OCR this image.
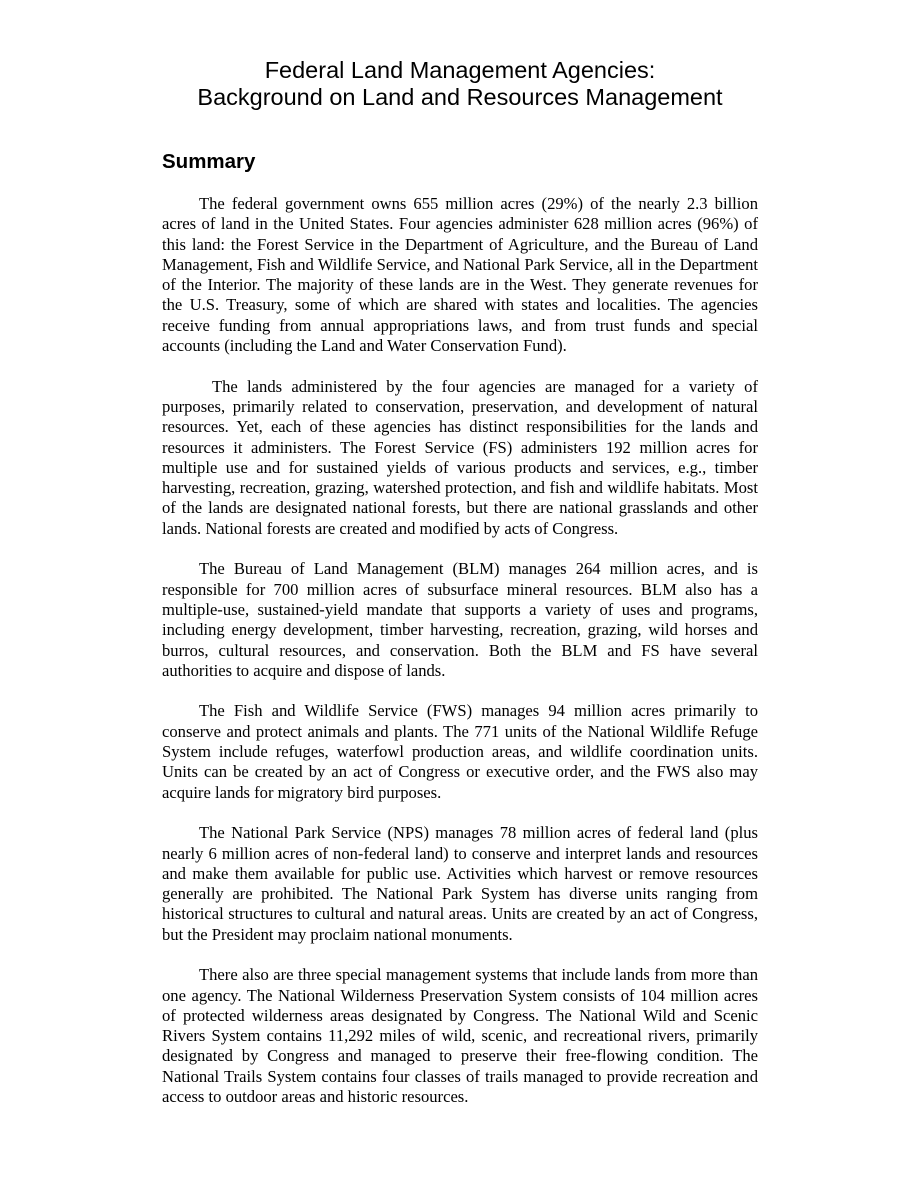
Federal Land Management Agencies:
Background on Land and Resources Management
Summary

The federal government owns 655 million acres (29%) of the nearly 2.3 billion acres of land in the United States. Four agencies administer 628 million acres (96%) of this land: the Forest Service in the Department of Agriculture, and the Bureau of Land Management, Fish and Wildlife Service, and National Park Service, all in the Department of the Interior. The majority of these lands are in the West. They generate revenues for the U.S. Treasury, some of which are shared with states and localities. The agencies receive funding from annual appropriations laws, and from trust funds and special accounts (including the Land and Water Conservation Fund).

The lands administered by the four agencies are managed for a variety of purposes, primarily related to conservation, preservation, and development of natural resources. Yet, each of these agencies has distinct responsibilities for the lands and resources it administers. The Forest Service (FS) administers 192 million acres for multiple use and for sustained yields of various products and services, e.g., timber harvesting, recreation, grazing, watershed protection, and fish and wildlife habitats. Most of the lands are designated national forests, but there are national grasslands and other lands. National forests are created and modified by acts of Congress.

The Bureau of Land Management (BLM) manages 264 million acres, and is responsible for 700 million acres of subsurface mineral resources. BLM also has a multiple-use, sustained-yield mandate that supports a variety of uses and programs, including energy development, timber harvesting, recreation, grazing, wild horses and burros, cultural resources, and conservation. Both the BLM and FS have several authorities to acquire and dispose of lands.

The Fish and Wildlife Service (FWS) manages 94 million acres primarily to conserve and protect animals and plants. The 771 units of the National Wildlife Refuge System include refuges, waterfowl production areas, and wildlife coordination units. Units can be created by an act of Congress or executive order, and the FWS also may acquire lands for migratory bird purposes.

The National Park Service (NPS) manages 78 million acres of federal land (plus nearly 6 million acres of non-federal land) to conserve and interpret lands and resources and make them available for public use. Activities which harvest or remove resources generally are prohibited. The National Park System has diverse units ranging from historical structures to cultural and natural areas. Units are created by an act of Congress, but the President may proclaim national monuments.

There also are three special management systems that include lands from more than one agency. The National Wilderness Preservation System consists of 104 million acres of protected wilderness areas designated by Congress. The National Wild and Scenic Rivers System contains 11,292 miles of wild, scenic, and recreational rivers, primarily designated by Congress and managed to preserve their free-flowing condition. The National Trails System contains four classes of trails managed to provide recreation and access to outdoor areas and historic resources.
